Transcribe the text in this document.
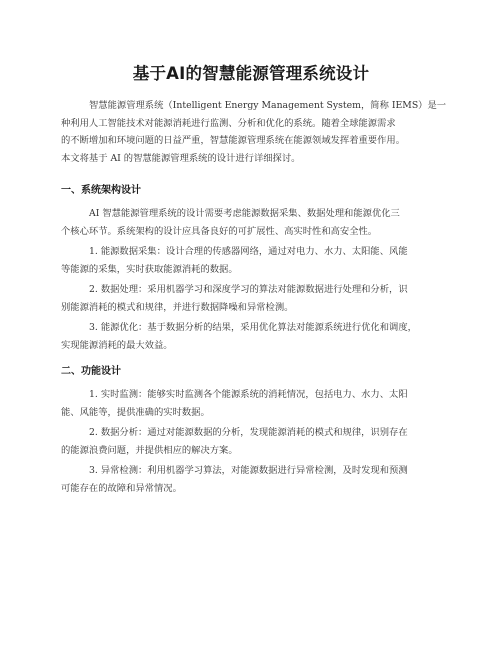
基于AI的智慧能源管理系统设计
智慧能源管理系统（Intelligent Energy Management System，简称 IEMS）是一
种利用人工智能技术对能源消耗进行监测、分析和优化的系统。随着全球能源需求
的不断增加和环境问题的日益严重，智慧能源管理系统在能源领域发挥着重要作用。
本文将基于 AI 的智慧能源管理系统的设计进行详细探讨。
一、系统架构设计
AI 智慧能源管理系统的设计需要考虑能源数据采集、数据处理和能源优化三
个核心环节。系统架构的设计应具备良好的可扩展性、高实时性和高安全性。
1. 能源数据采集：设计合理的传感器网络，通过对电力、水力、太阳能、风能
等能源的采集，实时获取能源消耗的数据。
2. 数据处理：采用机器学习和深度学习的算法对能源数据进行处理和分析，识
别能源消耗的模式和规律，并进行数据降噪和异常检测。
3. 能源优化：基于数据分析的结果，采用优化算法对能源系统进行优化和调度，
实现能源消耗的最大效益。
二、功能设计
1. 实时监测：能够实时监测各个能源系统的消耗情况，包括电力、水力、太阳
能、风能等，提供准确的实时数据。
2. 数据分析：通过对能源数据的分析，发现能源消耗的模式和规律，识别存在
的能源浪费问题，并提供相应的解决方案。
3. 异常检测：利用机器学习算法，对能源数据进行异常检测，及时发现和预测
可能存在的故障和异常情况。
